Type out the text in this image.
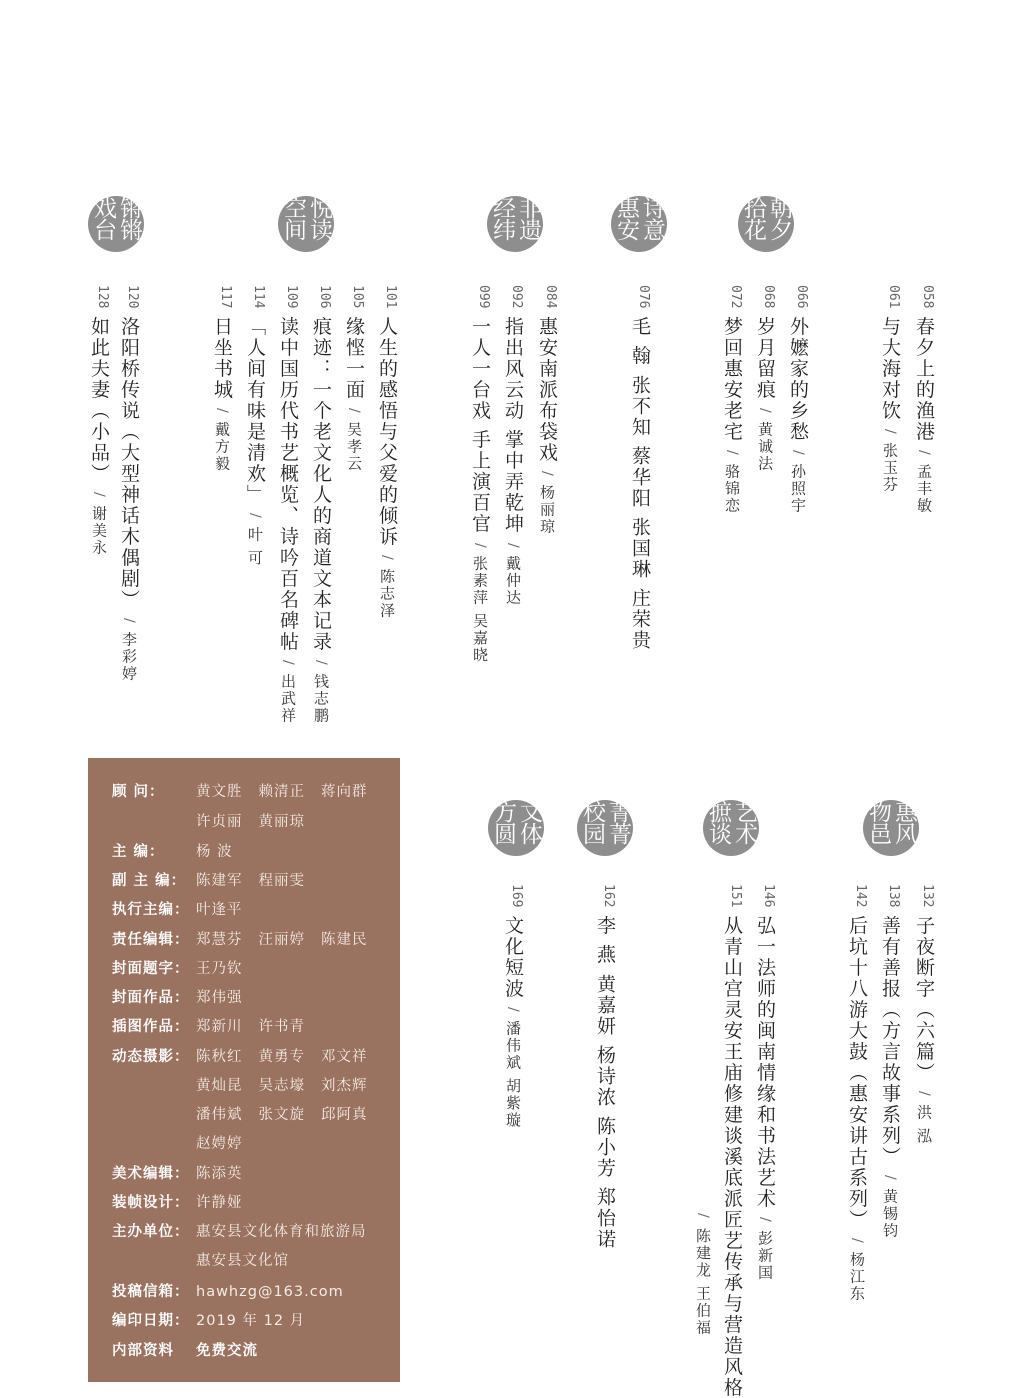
朝夕拾花
诗意惠安
非遗经纬
悦读空间
锵锵戏台
惠风物邑
艺术摭谈
菁菁校园
文体方圆
058春夕上的渔港/孟丰敏
061与大海对饮/张玉芬
066外嬷家的乡愁/孙照宇
068岁月留痕/黄诚法
072梦回惠安老宅/骆锦恋
076毛 翰 张不知 蔡华阳 张国琳 庄荣贵
084惠安南派布袋戏/杨丽琼
092指出风云动 掌中弄乾坤/戴仲达
099一人一台戏 手上演百官/张素萍 吴嘉晓
101人生的感悟与父爱的倾诉/陈志泽
105缘悭一面/吴孝云
106痕迹：一个老文化人的商道文本记录/钱志鹏
109读中国历代书艺概览、诗吟百名碑帖/出武祥
114「人间有味是清欢」/叶 可
117日坐书城/戴方毅
120洛阳桥传说（大型神话木偶剧）/李彩婷
128如此夫妻（小品）/谢美永
132子夜断字（六篇）/洪 泓
138善有善报（方言故事系列）/黄锡钧
142后坑十八游大鼓（惠安讲古系列）/杨江东
146弘一法师的闽南情缘和书法艺术/彭新国
151从青山宫灵安王庙修建谈溪底派匠艺传承与营造风格
/陈建龙 王伯福
162李 燕 黄嘉妍 杨诗浓 陈小芳 郑怡诺
169文化短波/潘伟斌 胡紫璇
顾 问： 黄文胜 赖清正 蒋向群
许贞丽 黄丽琼
主 编： 杨 波
副 主 编： 陈建军 程丽雯
执行主编： 叶逢平
责任编辑： 郑慧芬 汪丽婷 陈建民
封面题字： 王乃钦
封面作品： 郑伟强
插图作品： 郑新川 许书青
动态摄影： 陈秋红 黄勇专 邓文祥
黄灿昆 吴志壕 刘杰辉
潘伟斌 张文旋 邱阿真
赵娉婷
美术编辑： 陈添英
装帧设计： 许静娅
主办单位： 惠安县文化体育和旅游局
惠安县文化馆
投稿信箱： hawhzg@163.com
编印日期： 2019 年 12 月
内部资料 免费交流
